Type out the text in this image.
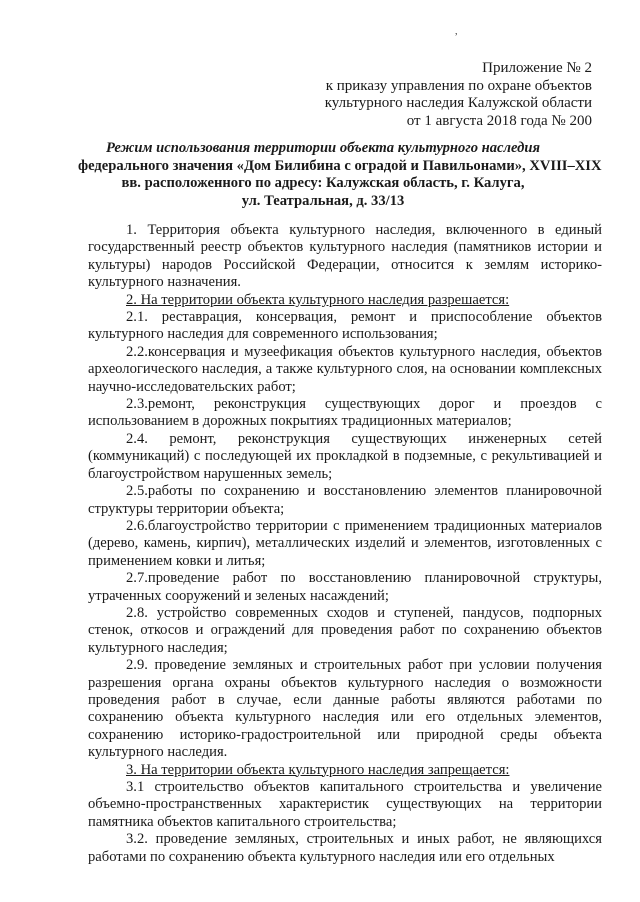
,
Приложение № 2
к приказу управления по охране объектов
культурного наследия Калужской области
от 1 августа 2018 года № 200
Режим использования территории объекта культурного наследия
федерального значения «Дом Билибина с оградой и Павильонами», XVIII–XIX
вв. расположенного по адресу: Калужская область, г. Калуга,
ул. Театральная, д. 33/13

1. Территория объекта культурного наследия, включенного в единый государственный реестр объектов культурного наследия (памятников истории и культуры) народов Российской Федерации, относится к землям историко-культурного назначения.

2. На территории объекта культурного наследия разрешается:

2.1. реставрация, консервация, ремонт и приспособление объектов культурного наследия для современного использования;

2.2.консервация и музеефикация объектов культурного наследия, объектов археологического наследия, а также культурного слоя, на основании комплексных научно-исследовательских работ;

2.3.ремонт, реконструкция существующих дорог и проездов с использованием в дорожных покрытиях традиционных материалов;

2.4. ремонт, реконструкция существующих инженерных сетей (коммуникаций) с последующей их прокладкой в подземные, с рекультивацией и благоустройством нарушенных земель;

2.5.работы по сохранению и восстановлению элементов планировочной структуры территории объекта;

2.6.благоустройство территории с применением традиционных материалов (дерево, камень, кирпич), металлических изделий и элементов, изготовленных с применением ковки и литья;

2.7.проведение работ по восстановлению планировочной структуры, утраченных сооружений и зеленых насаждений;

2.8. устройство современных сходов и ступеней, пандусов, подпорных стенок, откосов и ограждений для проведения работ по сохранению объектов культурного наследия;

2.9. проведение земляных и строительных работ при условии получения разрешения органа охраны объектов культурного наследия о возможности проведения работ в случае, если данные работы являются работами по сохранению объекта культурного наследия или его отдельных элементов, сохранению историко-градостроительной или природной среды объекта культурного наследия.

3. На территории объекта культурного наследия запрещается:

3.1 строительство объектов капитального строительства и увеличение объемно-пространственных характеристик существующих на территории памятника объектов капитального строительства;

3.2. проведение земляных, строительных и иных работ, не являющихся работами по сохранению объекта культурного наследия или его отдельных
